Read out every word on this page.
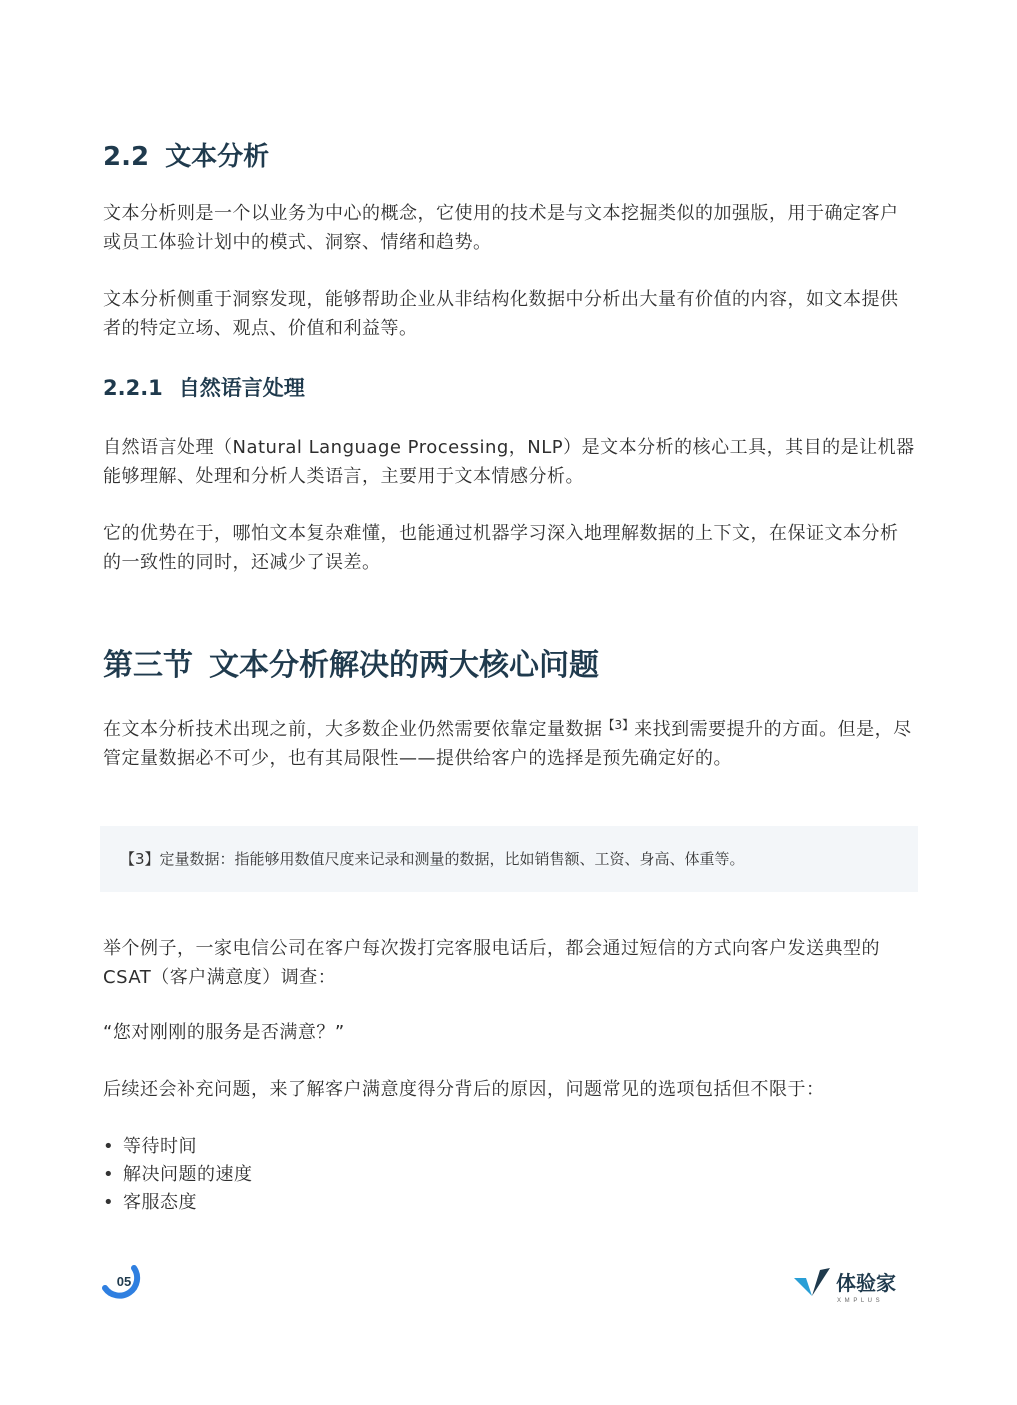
2.2 文本分析

文本分析则是一个以业务为中心的概念，它使用的技术是与文本挖掘类似的加强版，用于确定客户或员工体验计划中的模式、洞察、情绪和趋势。

文本分析侧重于洞察发现，能够帮助企业从非结构化数据中分析出大量有价值的内容，如文本提供者的特定立场、观点、价值和利益等。

2.2.1 自然语言处理

自然语言处理（Natural Language Processing，NLP）是文本分析的核心工具，其目的是让机器能够理解、处理和分析人类语言，主要用于文本情感分析。

它的优势在于，哪怕文本复杂难懂，也能通过机器学习深入地理解数据的上下文，在保证文本分析的一致性的同时，还减少了误差。

第三节 文本分析解决的两大核心问题

在文本分析技术出现之前，大多数企业仍然需要依靠定量数据$^{【3】}$来找到需要提升的方面。但是，尽管定量数据必不可少，也有其局限性——提供给客户的选择是预先确定好的。

【3】定量数据：指能够用数值尺度来记录和测量的数据，比如销售额、工资、身高、体重等。

举个例子，一家电信公司在客户每次拨打完客服电话后，都会通过短信的方式向客户发送典型的CSAT（客户满意度）调查：

“您对刚刚的服务是否满意？”

后续还会补充问题，来了解客户满意度得分背后的原因，问题常见的选项包括但不限于：

• 等待时间
• 解决问题的速度
• 客服态度
05	体验家
X M P L U S
